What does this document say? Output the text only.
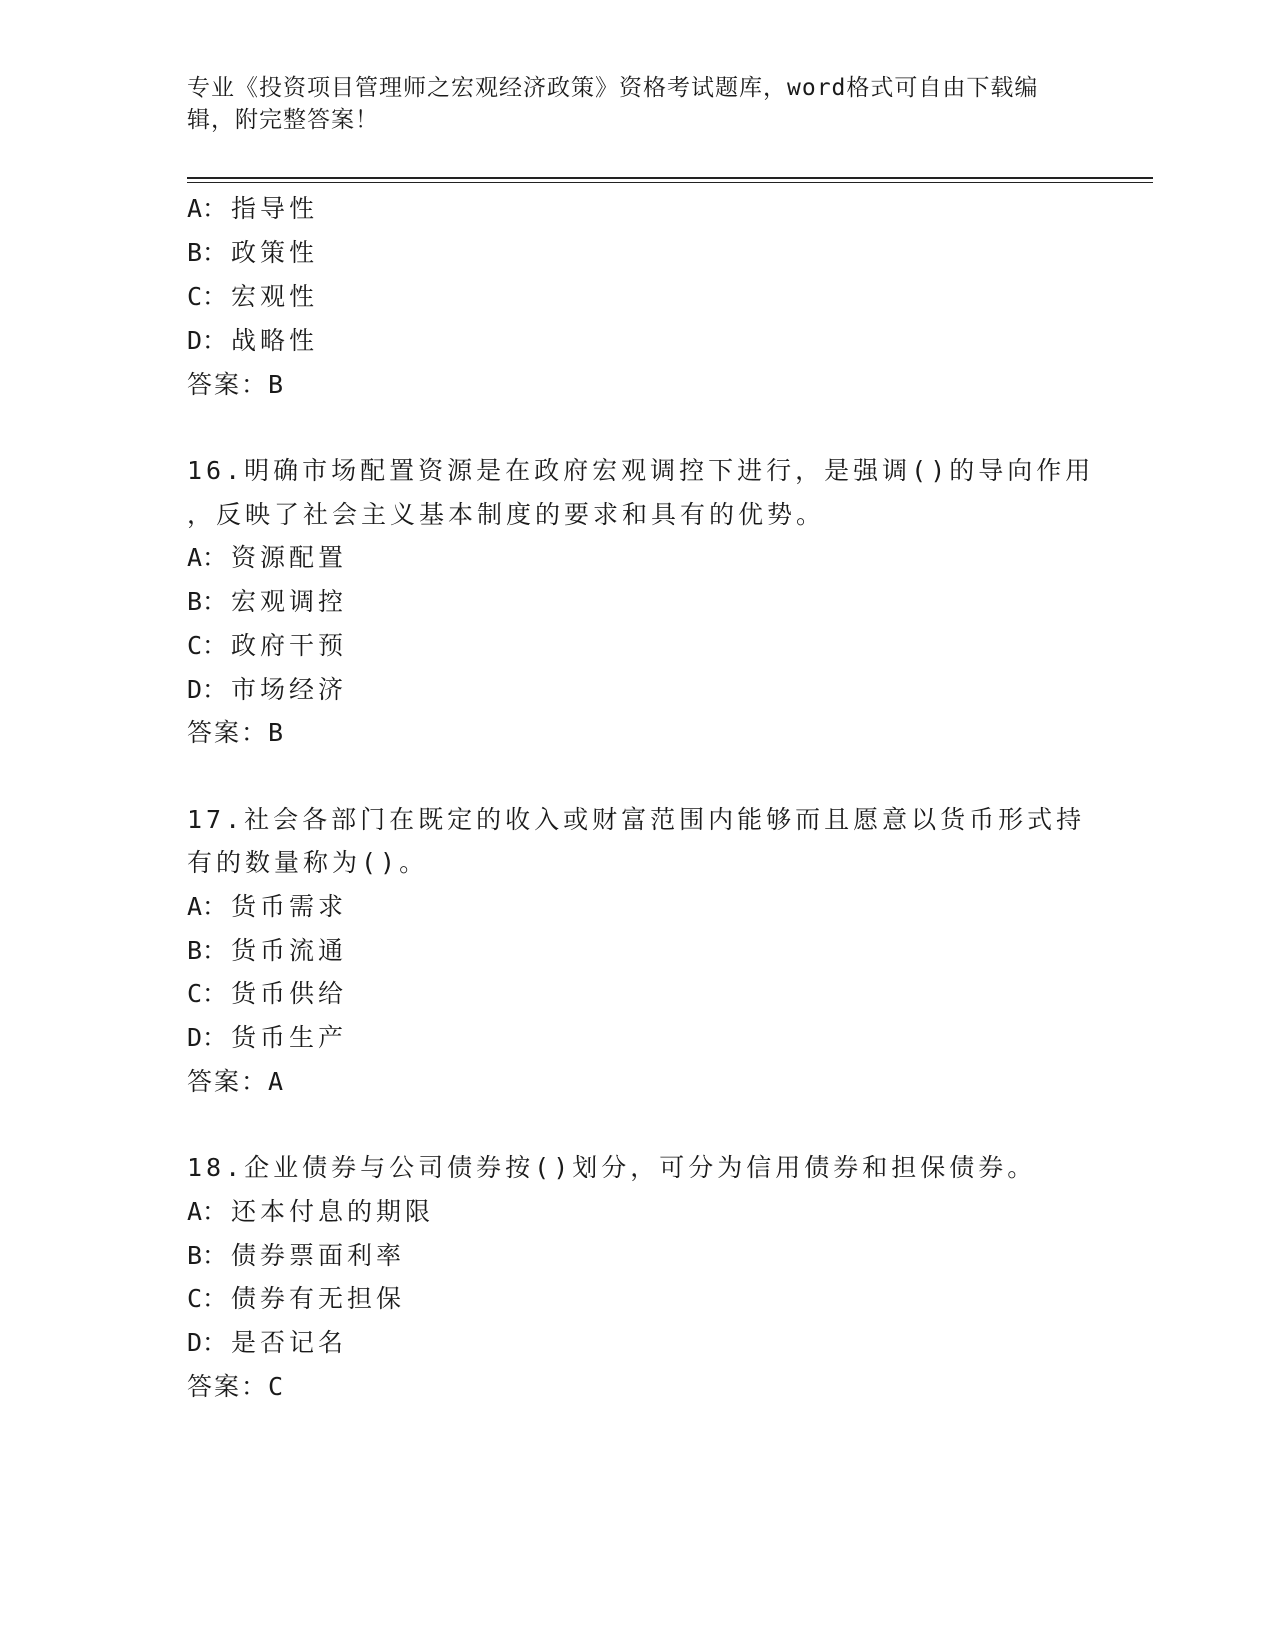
专业《投资项目管理师之宏观经济政策》资格考试题库，word格式可自由下载编辑，附完整答案！
A： 指导性
B： 政策性
C： 宏观性
D： 战略性
答案：B
16.明确市场配置资源是在政府宏观调控下进行，是强调()的导向作用
，反映了社会主义基本制度的要求和具有的优势。
A： 资源配置
B： 宏观调控
C： 政府干预
D： 市场经济
答案：B
17.社会各部门在既定的收入或财富范围内能够而且愿意以货币形式持
有的数量称为()。
A： 货币需求
B： 货币流通
C： 货币供给
D： 货币生产
答案：A
18.企业债券与公司债券按()划分，可分为信用债券和担保债券。
A： 还本付息的期限
B： 债券票面利率
C： 债券有无担保
D： 是否记名
答案：C
